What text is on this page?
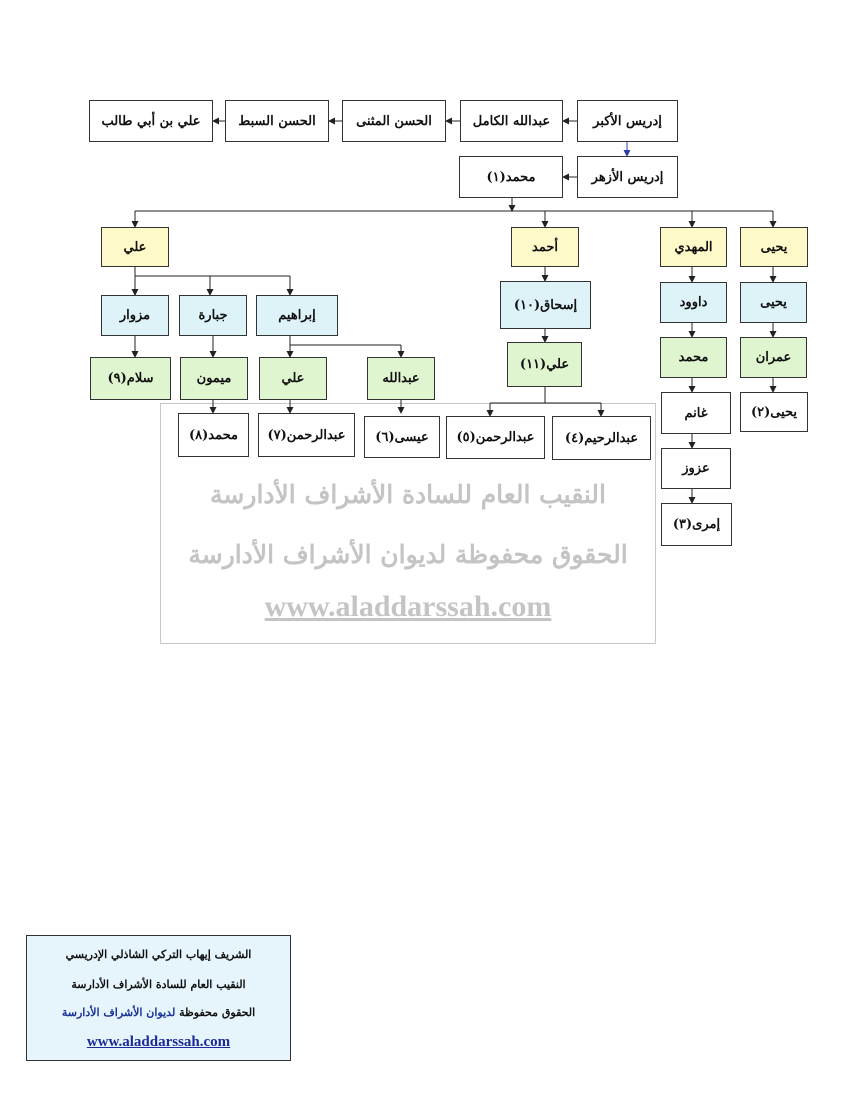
النقيب العام للسادة الأشراف الأدارسة
الحقوق محفوظة لديوان الأشراف الأدارسة
www.aladdarssah.com
علي بن أبي طالب	الحسن السبط	الحسن المثنى	عبدالله الكامل	إدريس الأكبر
إدريس الأزهر
محمد(١)
علي	أحمد	المهدي	يحيى
مزوار	جبارة	إبراهيم
سلام(٩)	ميمون	علي	عبدالله
محمد(٨)	عبدالرحمن(٧)	عيسى(٦)
إسحاق(١٠)
علي(١١)
عبدالرحمن(٥)	عبدالرحيم(٤)
داوود
محمد
غانم
عزوز
إمرى(٣)
يحيى
عمران
يحيى(٢)
الشريف إيهاب التركي الشاذلي الإدريسي
النقيب العام للسادة الأشراف الأدارسة
الحقوق محفوظة لديوان الأشراف الأدارسة
www.aladdarssah.com
